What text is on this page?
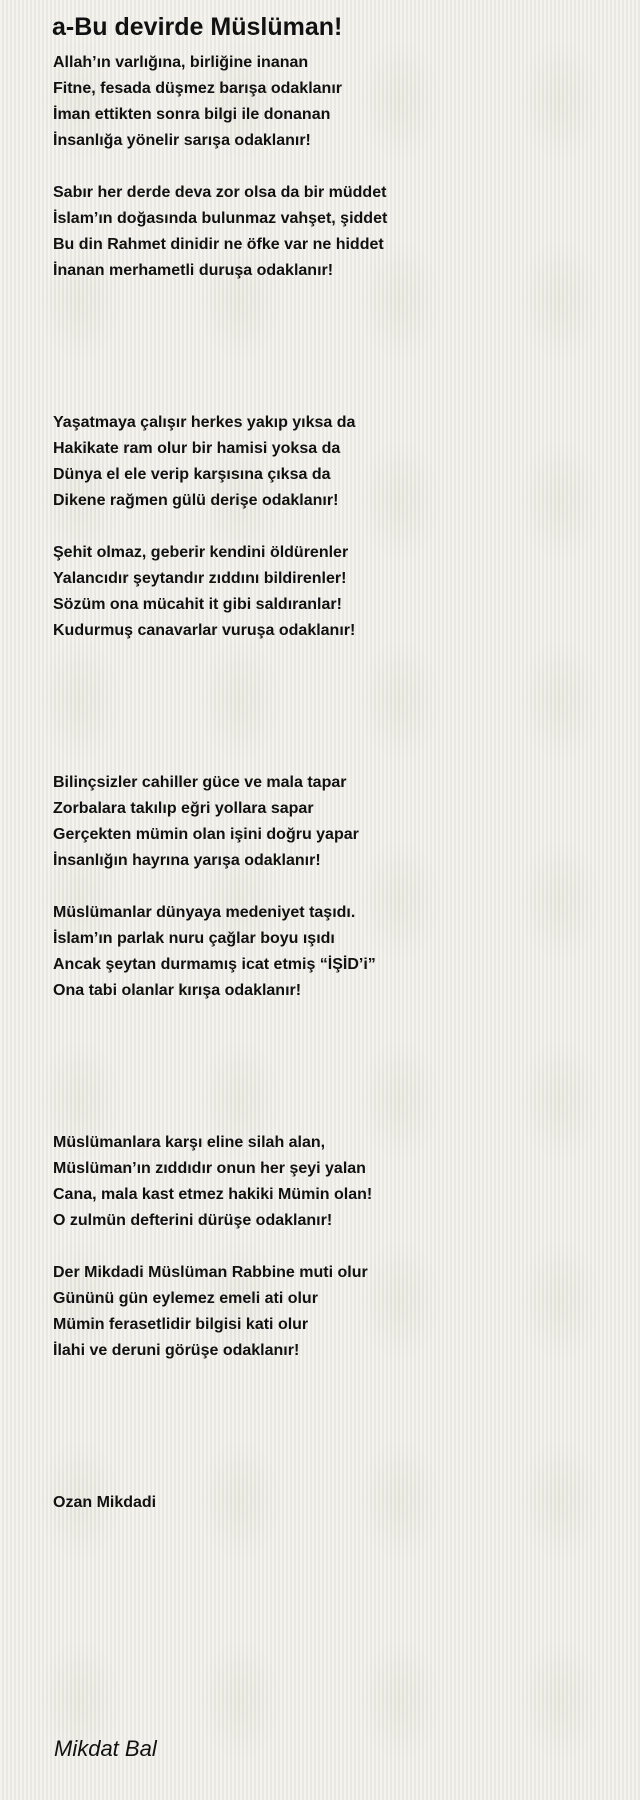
a-Bu devirde Müslüman!
Allah’ın varlığına, birliğine inanan
Fitne, fesada düşmez barışa odaklanır
İman ettikten sonra bilgi ile donanan
İnsanlığa yönelir sarışa odaklanır!
Sabır her derde deva zor olsa da bir müddet
İslam’ın doğasında bulunmaz vahşet, şiddet
Bu din Rahmet dinidir ne öfke var ne hiddet
İnanan merhametli duruşa odaklanır!
Yaşatmaya çalışır herkes yakıp yıksa da
Hakikate ram olur bir hamisi yoksa da
Dünya el ele verip karşısına çıksa da
Dikene rağmen gülü derişe odaklanır!
Şehit olmaz, geberir kendini öldürenler
Yalancıdır şeytandır zıddını bildirenler!
Sözüm ona mücahit it gibi saldıranlar!
Kudurmuş canavarlar vuruşa odaklanır!
Bilinçsizler cahiller güce ve mala tapar
Zorbalara takılıp eğri yollara sapar
Gerçekten mümin olan işini doğru yapar
İnsanlığın hayrına yarışa odaklanır!
Müslümanlar dünyaya medeniyet taşıdı.
İslam’ın parlak nuru çağlar boyu ışıdı
Ancak şeytan durmamış icat etmiş “İŞİD’i”
Ona tabi olanlar kırışa odaklanır!
Müslümanlara karşı eline silah alan,
Müslüman’ın zıddıdır onun her şeyi yalan
Cana, mala kast etmez hakiki Mümin olan!
O zulmün defterini dürüşe odaklanır!
Der Mikdadi Müslüman Rabbine muti olur
Gününü gün eylemez emeli ati olur
Mümin ferasetlidir bilgisi kati olur
İlahi ve deruni görüşe odaklanır!
Ozan Mikdadi
Mikdat Bal
